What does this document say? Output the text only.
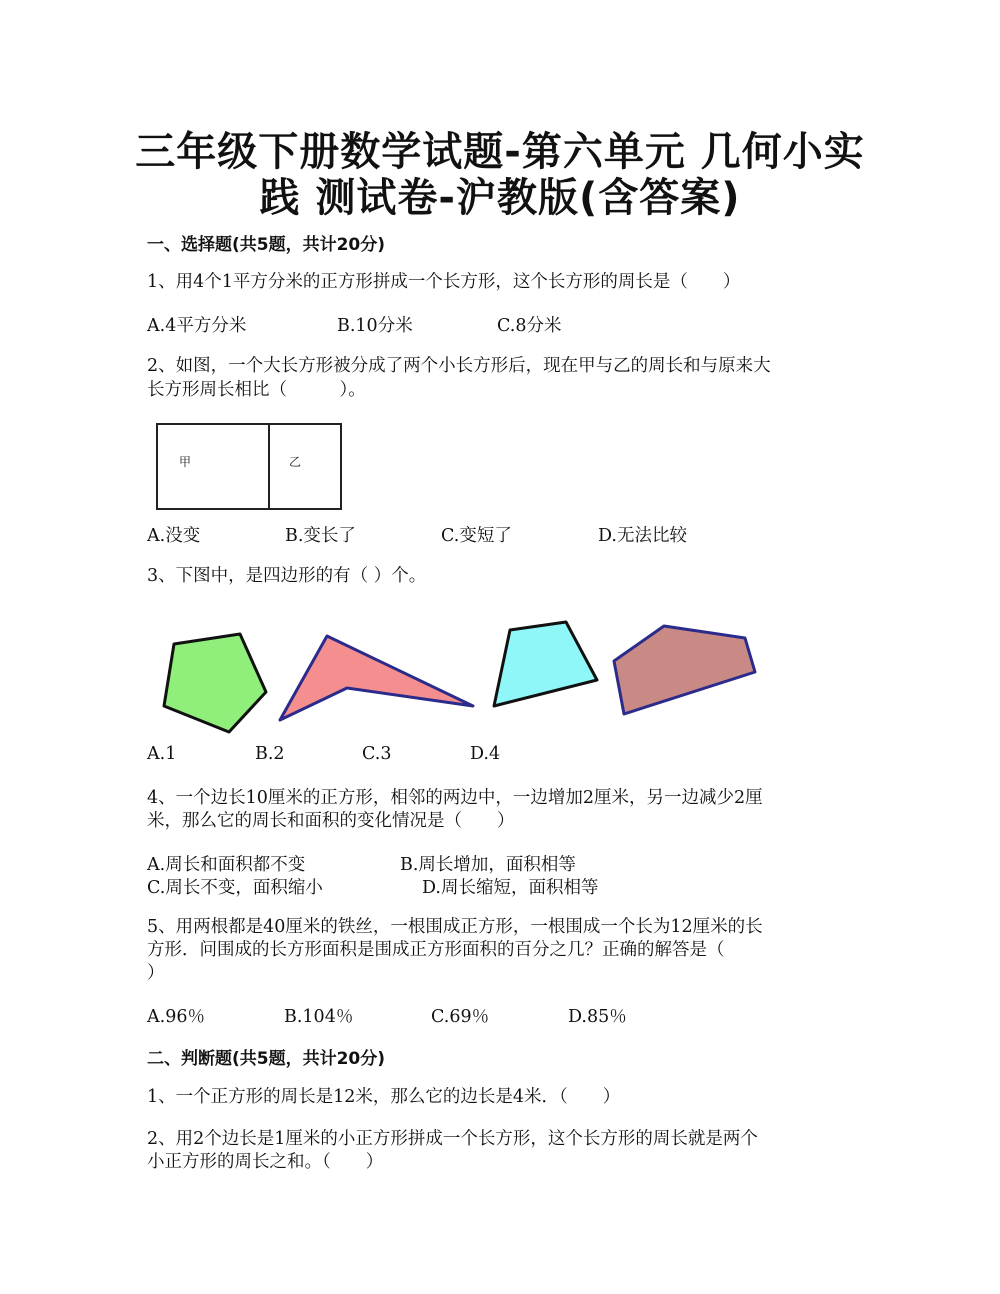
三年级下册数学试题-第六单元 几何小实
践 测试卷-沪教版(含答案)
一、选择题(共5题，共计20分)
1、用4个1平方分米的正方形拼成一个长方形，这个长方形的周长是（　　）
A.4平方分米	B.10分米	C.8分米
2、如图，一个大长方形被分成了两个小长方形后，现在甲与乙的周长和与原来大
长方形周长相比（　　　）。
甲	乙
A.没变	B.变长了	C.变短了	D.无法比较
3、下图中，是四边形的有（ ）个。
A.1	B.2	C.3	D.4
4、一个边长10厘米的正方形，相邻的两边中，一边增加2厘米，另一边减少2厘
米，那么它的周长和面积的变化情况是（　　）
A.周长和面积都不变	B.周长增加，面积相等
C.周长不变，面积缩小	D.周长缩短，面积相等
5、用两根都是40厘米的铁丝，一根围成正方形，一根围成一个长为12厘米的长
方形．问围成的长方形面积是围成正方形面积的百分之几？正确的解答是（
）
A.96％	B.104％	C.69％	D.85％
二、判断题(共5题，共计20分)
1、一个正方形的周长是12米，那么它的边长是4米．（　　）
2、用2个边长是1厘米的小正方形拼成一个长方形，这个长方形的周长就是两个
小正方形的周长之和。（　　）
